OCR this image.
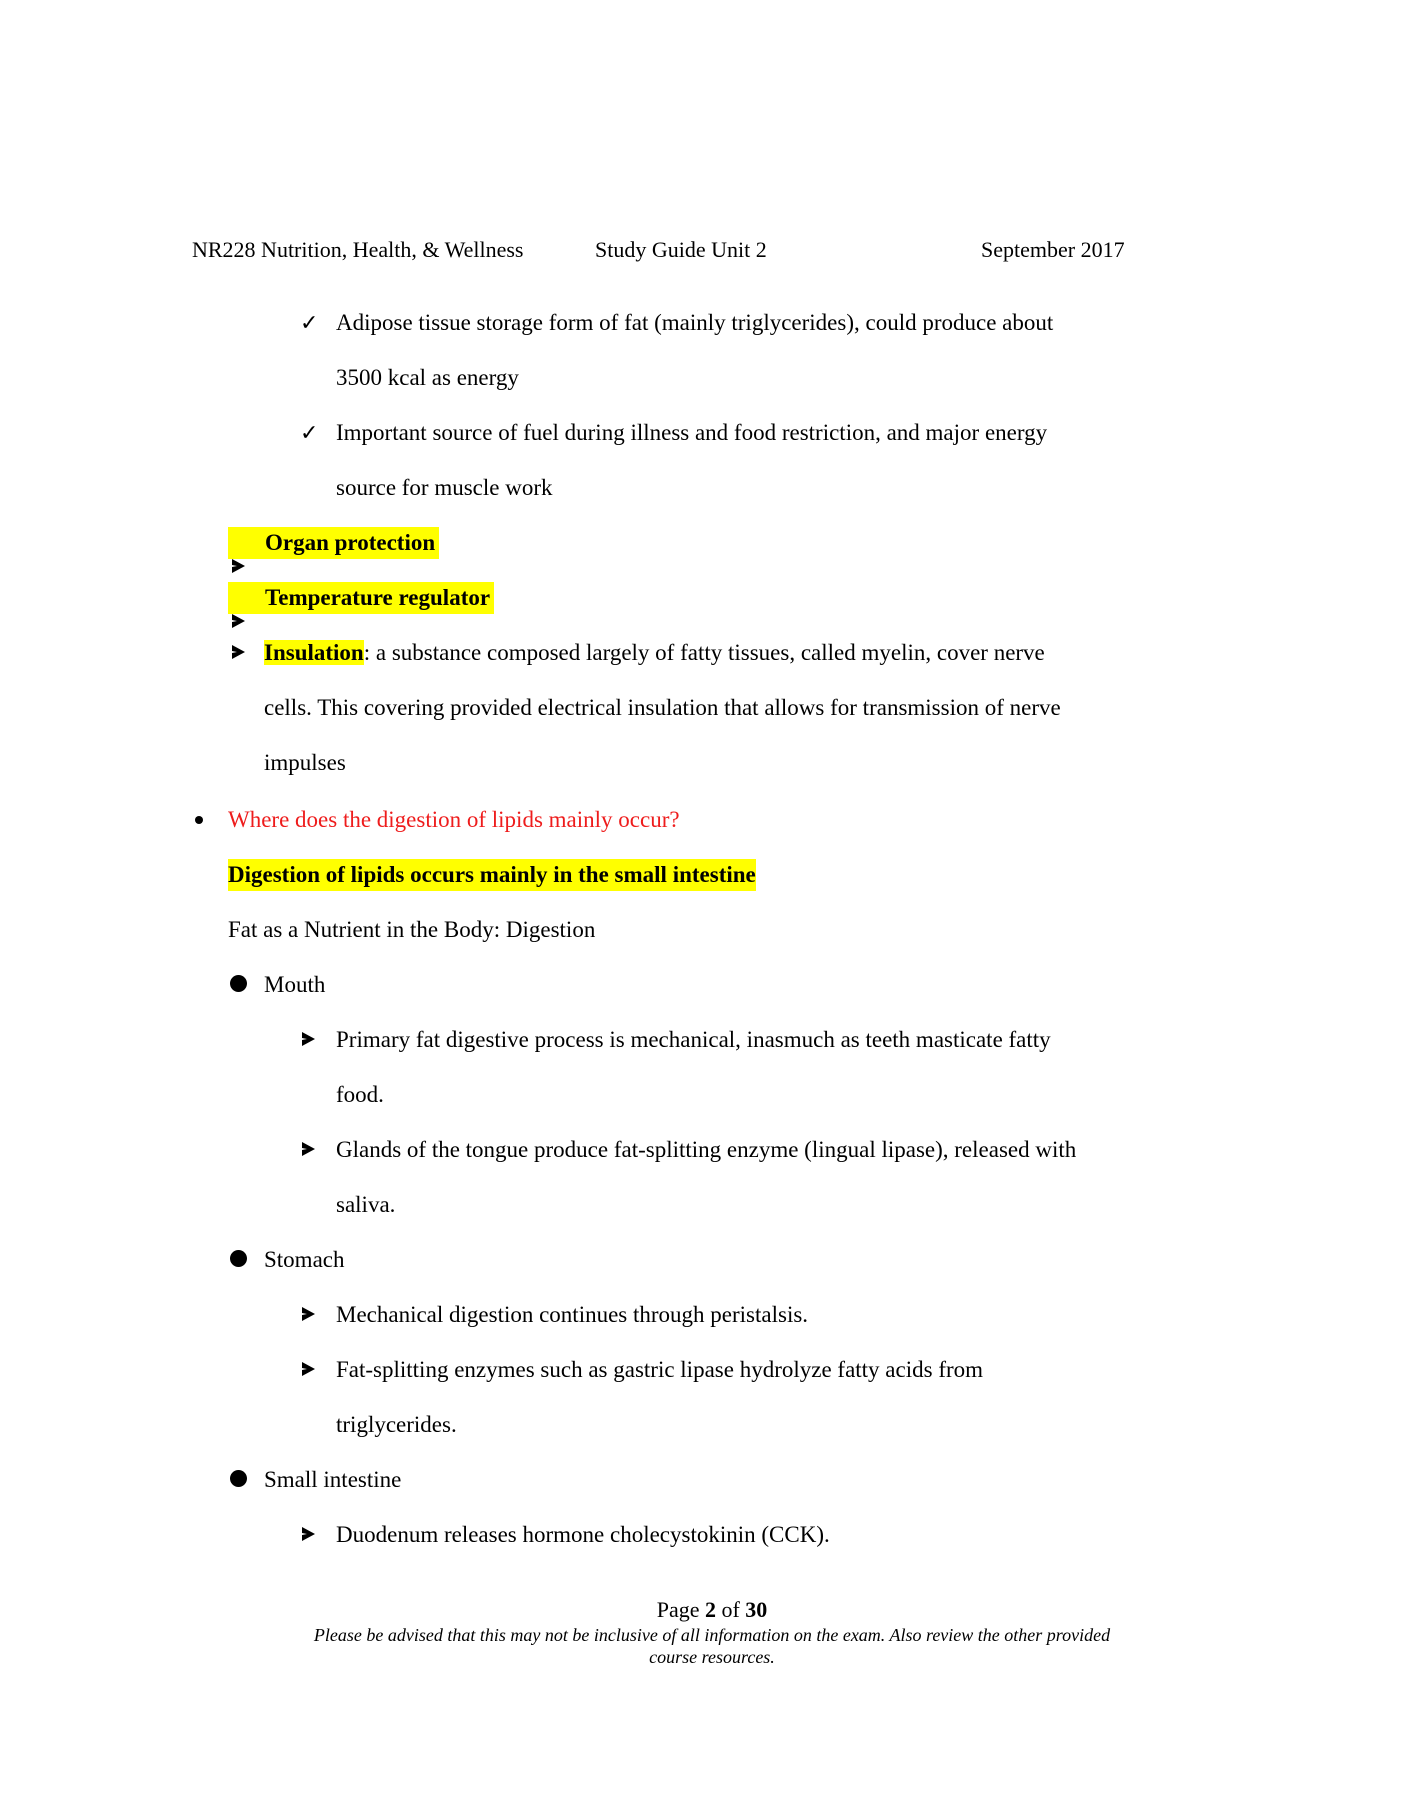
NR228 Nutrition, Health, & Wellness	Study Guide Unit 2	September 2017
✓ Adipose tissue storage form of fat (mainly triglycerides), could produce about
3500 kcal as energy
✓ Important source of fuel during illness and food restriction, and major energy
source for muscle work
Organ protection
Temperature regulator
Insulation: a substance composed largely of fatty tissues, called myelin, cover nerve
cells. This covering provided electrical insulation that allows for transmission of nerve
impulses
Where does the digestion of lipids mainly occur?
Digestion of lipids occurs mainly in the small intestine
Fat as a Nutrient in the Body: Digestion
Mouth
Primary fat digestive process is mechanical, inasmuch as teeth masticate fatty
food.
Glands of the tongue produce fat-splitting enzyme (lingual lipase), released with
saliva.
Stomach
Mechanical digestion continues through peristalsis.
Fat-splitting enzymes such as gastric lipase hydrolyze fatty acids from
triglycerides.
Small intestine
Duodenum releases hormone cholecystokinin (CCK).
Page 2 of 30
Please be advised that this may not be inclusive of all information on the exam. Also review the other provided
course resources.
